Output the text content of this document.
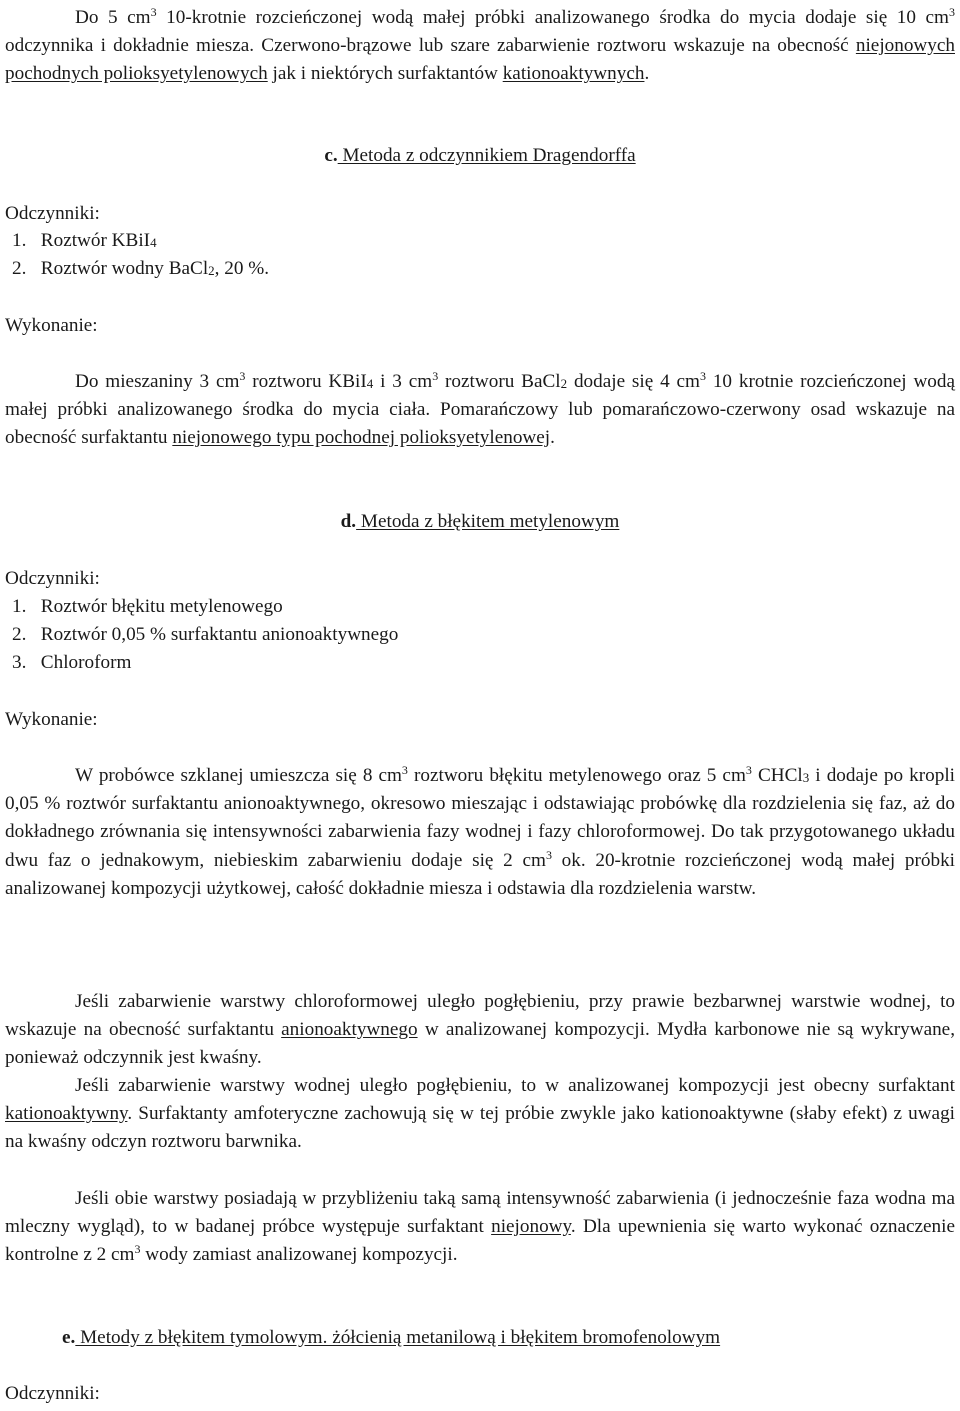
Do 5 $cm^3$ 10-krotnie rozcieńczonej wodą małej próbki analizowanego środka do mycia dodaje się 10 $cm^3$ odczynnika i dokładnie miesza. Czerwono-brązowe lub szare zabarwienie roztworu wskazuje na obecność niejonowych pochodnych polioksyetylenowych jak i niektórych surfaktantów kationoaktywnych.

c. Metoda z odczynnikiem Dragendorffa
Odczynniki:
1. Roztwór KBiI$_4$
2. Roztwór wodny BaCl$_2$, 20 %.
Wykonanie:

Do mieszaniny 3 $cm^3$ roztworu KBiI$_4$ i 3 $cm^3$ roztworu BaCl$_2$ dodaje się 4 $cm^3$ 10 krotnie rozcieńczonej wodą małej próbki analizowanego środka do mycia ciała. Pomarańczowy lub pomarańczowo-czerwony osad wskazuje na obecność surfaktantu niejonowego typu pochodnej polioksyetylenowej.

d. Metoda z błękitem metylenowym
Odczynniki:
1. Roztwór błękitu metylenowego
2. Roztwór 0,05 % surfaktantu anionoaktywnego
3. Chloroform
Wykonanie:

W probówce szklanej umieszcza się 8 $cm^3$ roztworu błękitu metylenowego oraz 5 $cm^3$ CHCl$_3$ i dodaje po kropli 0,05 % roztwór surfaktantu anionoaktywnego, okresowo mieszając i odstawiając probówkę dla rozdzielenia się faz, aż do dokładnego zrównania się intensywności zabarwienia fazy wodnej i fazy chloroformowej. Do tak przygotowanego układu dwu faz o jednakowym, niebieskim zabarwieniu dodaje się 2 $cm^3$ ok. 20-krotnie rozcieńczonej wodą małej próbki analizowanej kompozycji użytkowej, całość dokładnie miesza i odstawia dla rozdzielenia warstw.

Jeśli zabarwienie warstwy chloroformowej uległo pogłębieniu, przy prawie bezbarwnej warstwie wodnej, to wskazuje na obecność surfaktantu anionoaktywnego w analizowanej kompozycji. Mydła karbonowe nie są wykrywane, ponieważ odczynnik jest kwaśny.

Jeśli zabarwienie warstwy wodnej uległo pogłębieniu, to w analizowanej kompozycji jest obecny surfaktant kationoaktywny. Surfaktanty amfoteryczne zachowują się w tej próbie zwykle jako kationoaktywne (słaby efekt) z uwagi na kwaśny odczyn roztworu barwnika.

Jeśli obie warstwy posiadają w przybliżeniu taką samą intensywność zabarwienia (i jednocześnie faza wodna ma mleczny wygląd), to w badanej próbce występuje surfaktant niejonowy. Dla upewnienia się warto wykonać oznaczenie kontrolne z 2 $cm^3$ wody zamiast analizowanej kompozycji.

e. Metody z błękitem tymolowym. żółcienią metanilową i błękitem bromofenolowym
Odczynniki:
